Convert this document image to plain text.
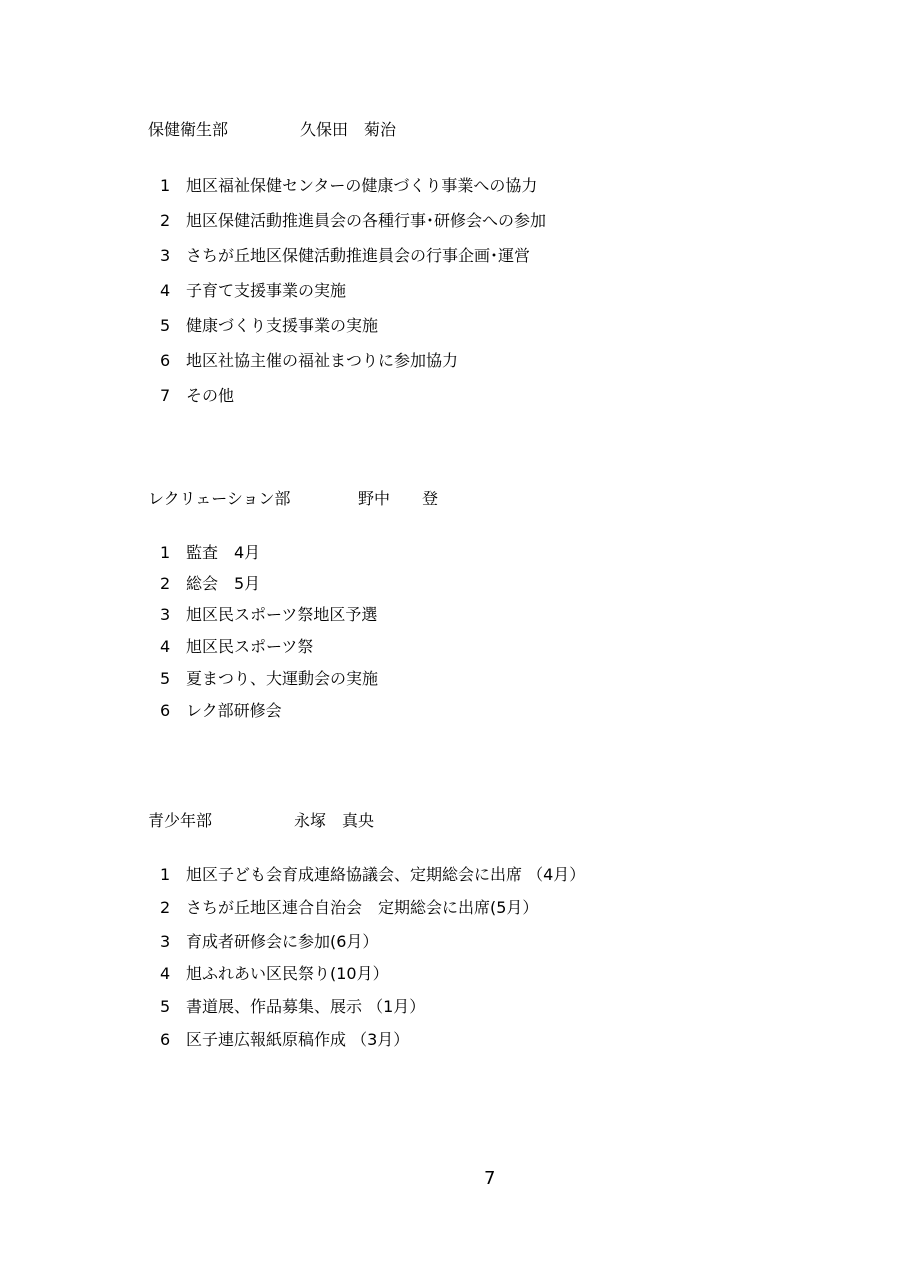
保健衛生部	久保田　菊治
1 旭区福祉保健センターの健康づくり事業への協力
2 旭区保健活動推進員会の各種行事･研修会への参加
3 さちが丘地区保健活動推進員会の行事企画･運営
4 子育て支援事業の実施
5 健康づくり支援事業の実施
6 地区社協主催の福祉まつりに参加協力
7 その他
レクリェーション部	野中　　登
1 監査　4月
2 総会　5月
3 旭区民スポーツ祭地区予選
4 旭区民スポーツ祭
5 夏まつり、大運動会の実施
6 レク部研修会
青少年部	永塚　真央
1 旭区子ども会育成連絡協議会、定期総会に出席 （4月）
2 さちが丘地区連合自治会　定期総会に出席(5月）
3 育成者研修会に参加(6月）
4 旭ふれあい区民祭り(10月）
5 書道展、作品募集、展示 （1月）
6 区子連広報紙原稿作成 （3月）
7
